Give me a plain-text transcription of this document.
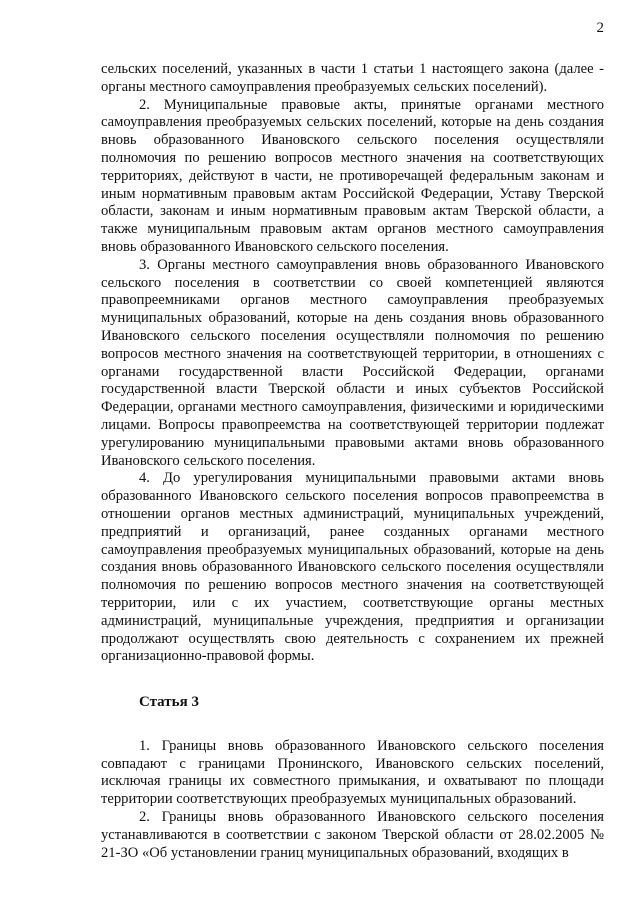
2

сельских поселений, указанных в части 1 статьи 1 настоящего закона (далее - органы местного самоуправления преобразуемых сельских поселений).

2. Муниципальные правовые акты, принятые органами местного самоуправления преобразуемых сельских поселений, которые на день создания вновь образованного Ивановского сельского поселения осуществляли полномочия по решению вопросов местного значения на соответствующих территориях, действуют в части, не противоречащей федеральным законам и иным нормативным правовым актам Российской Федерации, Уставу Тверской области, законам и иным нормативным правовым актам Тверской области, а также муниципальным правовым актам органов местного самоуправления вновь образованного Ивановского сельского поселения.

3. Органы местного самоуправления вновь образованного Ивановского сельского поселения в соответствии со своей компетенцией являются правопреемниками органов местного самоуправления преобразуемых муниципальных образований, которые на день создания вновь образованного Ивановского сельского поселения осуществляли полномочия по решению вопросов местного значения на соответствующей территории, в отношениях с органами государственной власти Российской Федерации, органами государственной власти Тверской области и иных субъектов Российской Федерации, органами местного самоуправления, физическими и юридическими лицами. Вопросы правопреемства на соответствующей территории подлежат урегулированию муниципальными правовыми актами вновь образованного Ивановского сельского поселения.

4. До урегулирования муниципальными правовыми актами вновь образованного Ивановского сельского поселения вопросов правопреемства в отношении органов местных администраций, муниципальных учреждений, предприятий и организаций, ранее созданных органами местного самоуправления преобразуемых муниципальных образований, которые на день создания вновь образованного Ивановского сельского поселения осуществляли полномочия по решению вопросов местного значения на соответствующей территории, или с их участием, соответствующие органы местных администраций, муниципальные учреждения, предприятия и организации продолжают осуществлять свою деятельность с сохранением их прежней организационно-правовой формы.

Статья 3

1. Границы вновь образованного Ивановского сельского поселения совпадают с границами Пронинского, Ивановского сельских поселений, исключая границы их совместного примыкания, и охватывают по площади территории соответствующих преобразуемых муниципальных образований.

2. Границы вновь образованного Ивановского сельского поселения устанавливаются в соответствии с законом Тверской области от 28.02.2005 № 21-ЗО «Об установлении границ муниципальных образований, входящих в
